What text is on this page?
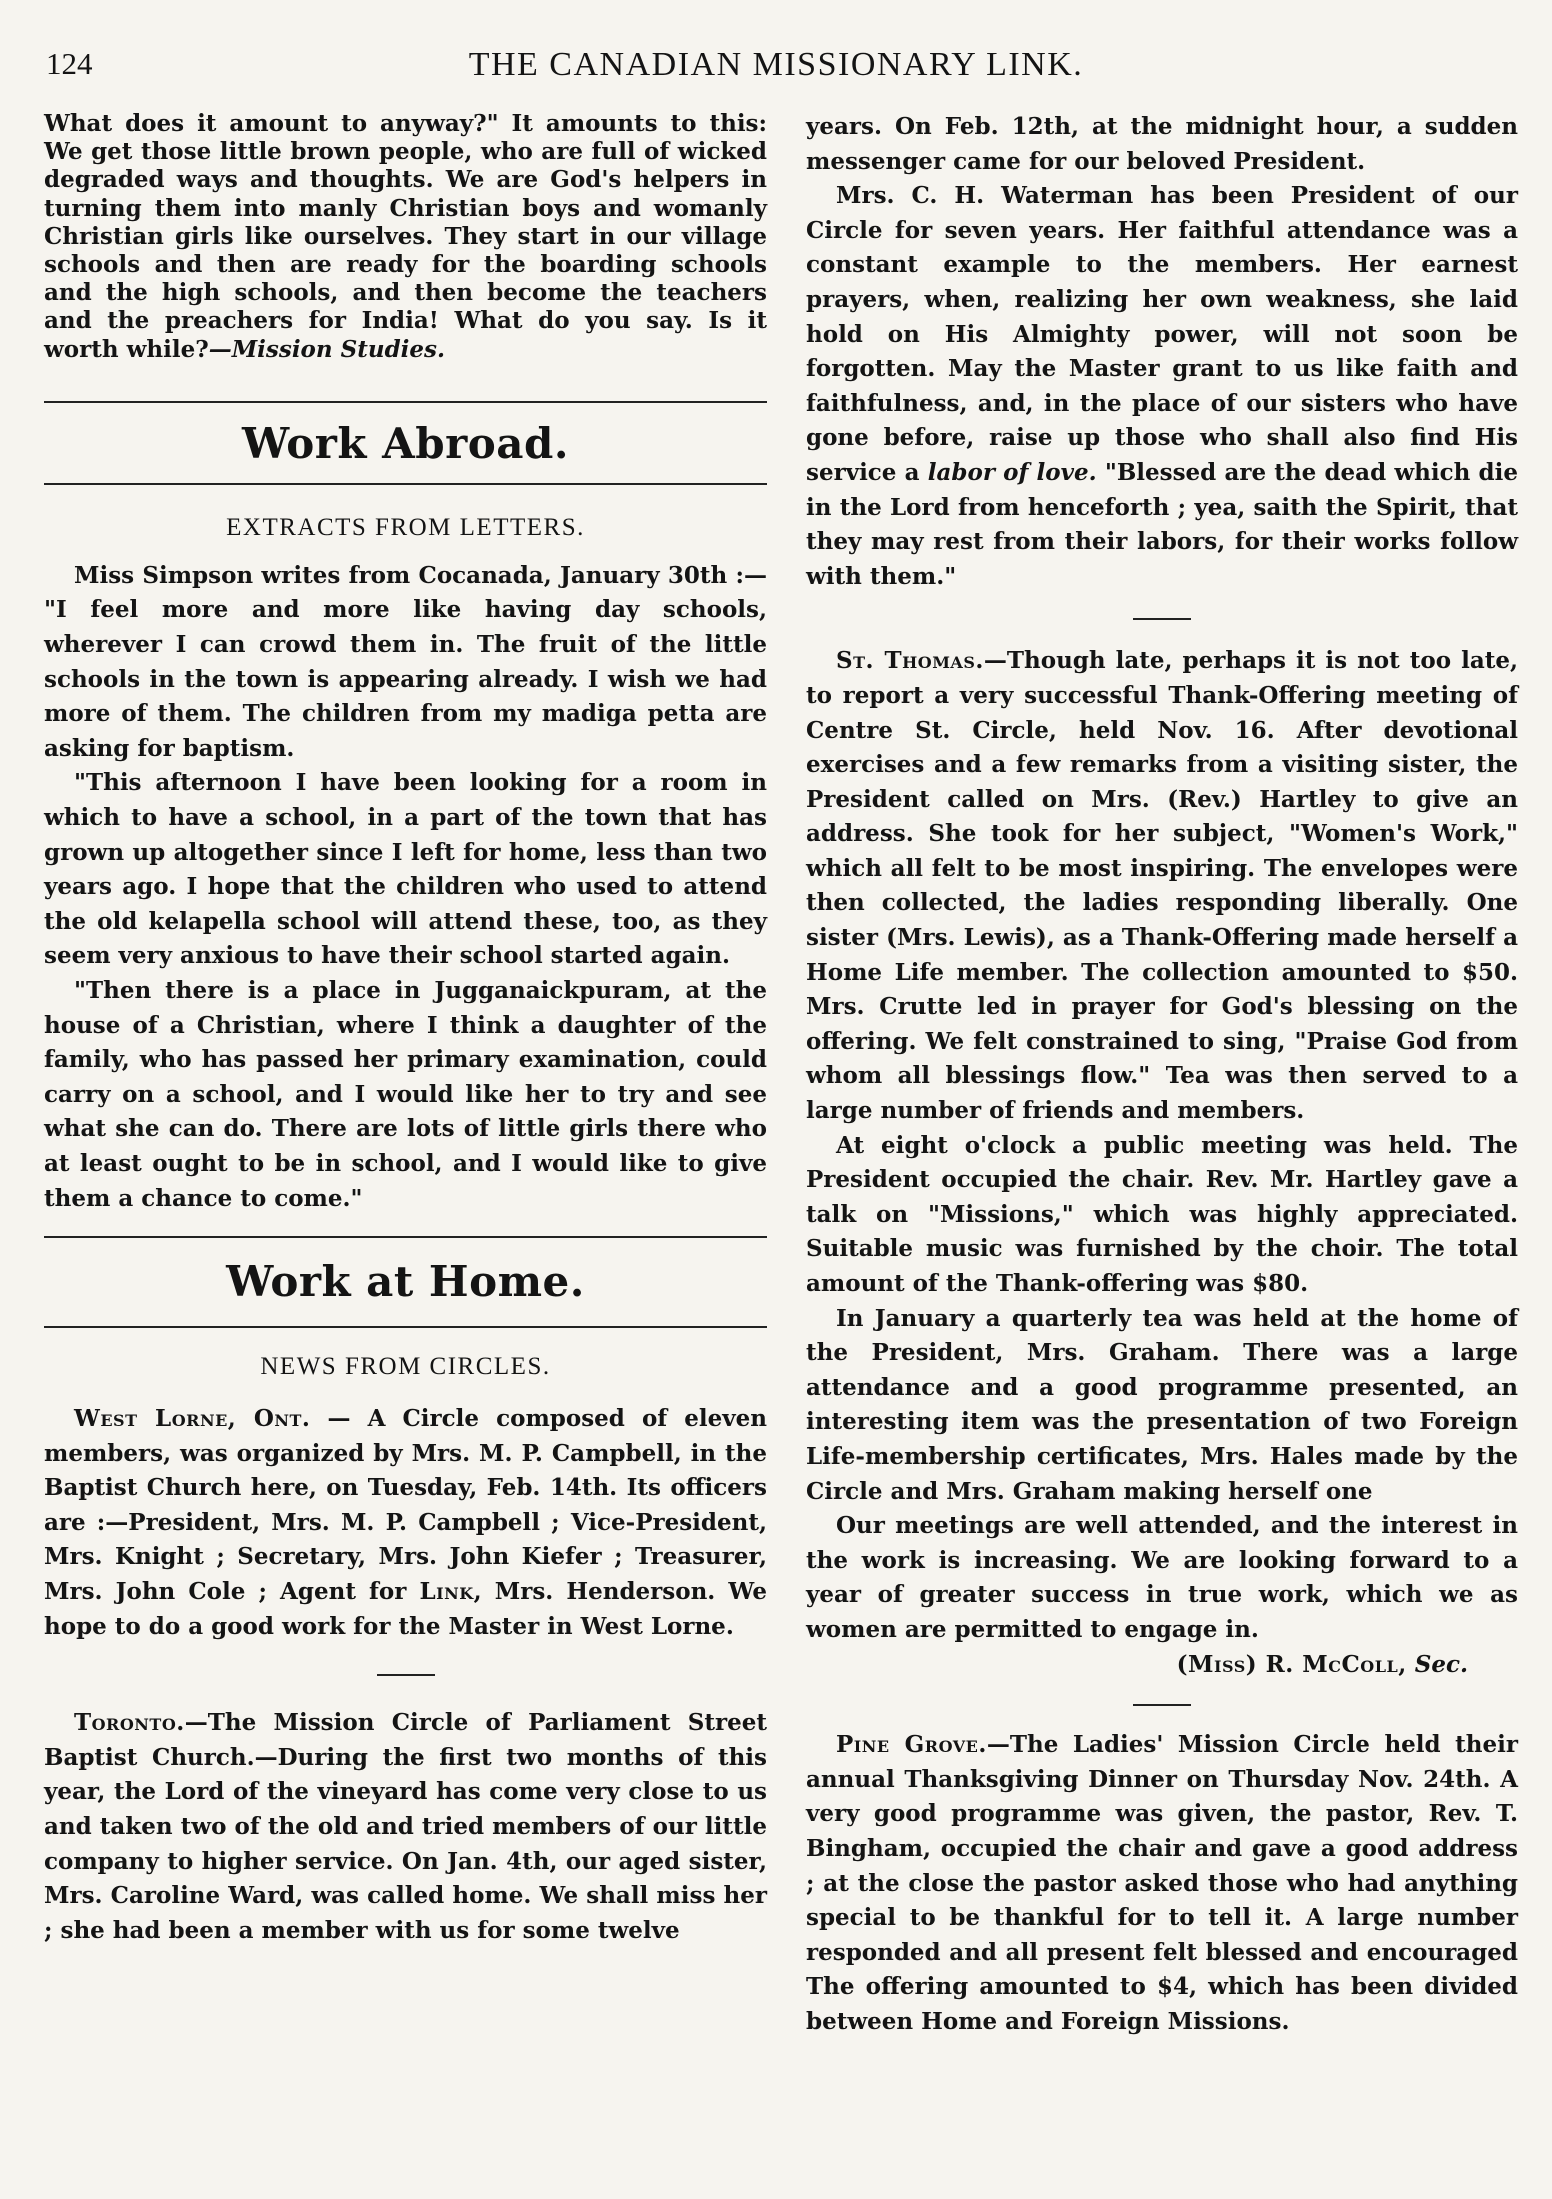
124	THE CANADIAN MISSIONARY LINK.

What does it amount to anyway?" It amounts to this: We get those little brown people, who are full of wicked degraded ways and thoughts. We are God's helpers in turning them into manly Christian boys and womanly Christian girls like ourselves. They start in our village schools and then are ready for the boarding schools and the high schools, and then become the teachers and the preachers for India! What do you say. Is it worth while?—Mission Studies.

Work Abroad.
EXTRACTS FROM LETTERS.

Miss Simpson writes from Cocanada, January 30th :— "I feel more and more like having day schools, wherever I can crowd them in. The fruit of the little schools in the town is appearing already. I wish we had more of them. The children from my madiga petta are asking for baptism.

"This afternoon I have been looking for a room in which to have a school, in a part of the town that has grown up altogether since I left for home, less than two years ago. I hope that the children who used to attend the old kelapella school will attend these, too, as they seem very anxious to have their school started again.

"Then there is a place in Jugganaickpuram, at the house of a Christian, where I think a daughter of the family, who has passed her primary examination, could carry on a school, and I would like her to try and see what she can do. There are lots of little girls there who at least ought to be in school, and I would like to give them a chance to come."

Work at Home.
NEWS FROM CIRCLES.

West Lorne, Ont. — A Circle composed of eleven members, was organized by Mrs. M. P. Campbell, in the Baptist Church here, on Tuesday, Feb. 14th. Its officers are :—President, Mrs. M. P. Campbell ; Vice-President, Mrs. Knight ; Secretary, Mrs. John Kiefer ; Treasurer, Mrs. John Cole ; Agent for Link, Mrs. Henderson. We hope to do a good work for the Master in West Lorne.

Toronto.—The Mission Circle of Parliament Street Baptist Church.—During the first two months of this year, the Lord of the vineyard has come very close to us and taken two of the old and tried members of our little company to higher service. On Jan. 4th, our aged sister, Mrs. Caroline Ward, was called home. We shall miss her ; she had been a member with us for some twelve

years. On Feb. 12th, at the midnight hour, a sudden messenger came for our beloved President.

Mrs. C. H. Waterman has been President of our Circle for seven years. Her faithful attendance was a constant example to the members. Her earnest prayers, when, realizing her own weakness, she laid hold on His Almighty power, will not soon be forgotten. May the Master grant to us like faith and faithfulness, and, in the place of our sisters who have gone before, raise up those who shall also find His service a labor of love. "Blessed are the dead which die in the Lord from henceforth ; yea, saith the Spirit, that they may rest from their labors, for their works follow with them."

St. Thomas.—Though late, perhaps it is not too late, to report a very successful Thank-Offering meeting of Centre St. Circle, held Nov. 16. After devotional exercises and a few remarks from a visiting sister, the President called on Mrs. (Rev.) Hartley to give an address. She took for her subject, "Women's Work," which all felt to be most inspiring. The envelopes were then collected, the ladies responding liberally. One sister (Mrs. Lewis), as a Thank-Offering made herself a Home Life member. The collection amounted to $50. Mrs. Crutte led in prayer for God's blessing on the offering. We felt constrained to sing, "Praise God from whom all blessings flow." Tea was then served to a large number of friends and members.

At eight o'clock a public meeting was held. The President occupied the chair. Rev. Mr. Hartley gave a talk on "Missions," which was highly appreciated. Suitable music was furnished by the choir. The total amount of the Thank-offering was $80.

In January a quarterly tea was held at the home of the President, Mrs. Graham. There was a large attendance and a good programme presented, an interesting item was the presentation of two Foreign Life-membership certificates, Mrs. Hales made by the Circle and Mrs. Graham making herself one

Our meetings are well attended, and the interest in the work is increasing. We are looking forward to a year of greater success in true work, which we as women are permitted to engage in.

(Miss) R. McColl, Sec.

Pine Grove.—The Ladies' Mission Circle held their annual Thanksgiving Dinner on Thursday Nov. 24th. A very good programme was given, the pastor, Rev. T. Bingham, occupied the chair and gave a good address ; at the close the pastor asked those who had anything special to be thankful for to tell it. A large number responded and all present felt blessed and encouraged The offering amounted to $4, which has been divided between Home and Foreign Missions.
